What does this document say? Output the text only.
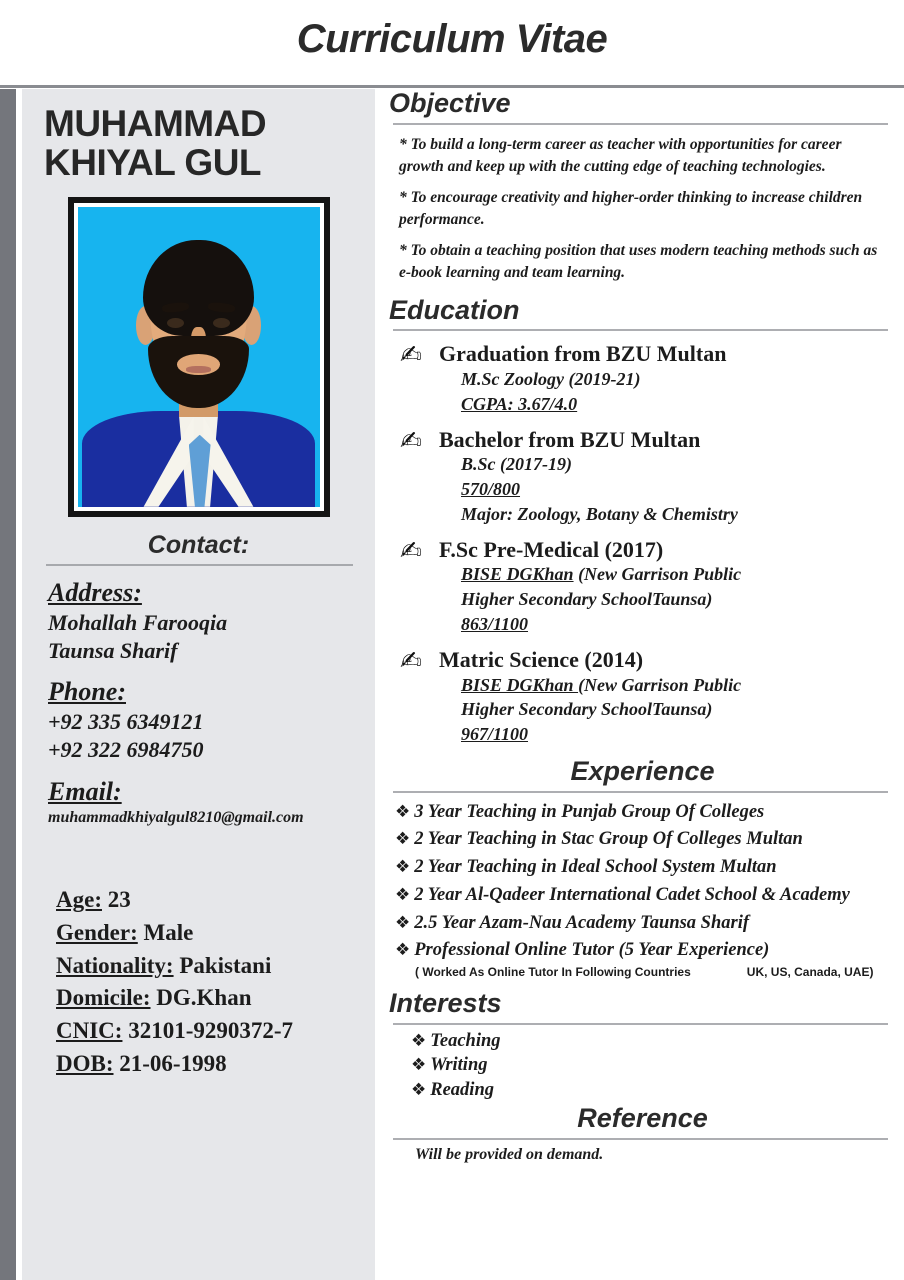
Curriculum Vitae
MUHAMMAD
KHIYAL GUL
Contact:
Address:
Mohallah Farooqia
Taunsa Sharif
Phone:
+92 335 6349121
+92 322 6984750
Email:
muhammadkhiyalgul8210@gmail.com
Age: 23
Gender: Male
Nationality: Pakistani
Domicile: DG.Khan
CNIC: 32101-9290372-7
DOB: 21-06-1998
Objective
* To build a long-term career as teacher with opportunities for career growth and keep up with the cutting edge of teaching technologies.
* To encourage creativity and higher-order thinking to increase children performance.
* To obtain a teaching position that uses modern teaching methods such as e-book learning and team learning.
Education
✍ Graduation from BZU Multan
M.Sc Zoology (2019-21)
CGPA: 3.67/4.0
✍ Bachelor from BZU Multan
B.Sc (2017-19)
570/800
Major: Zoology, Botany & Chemistry
✍ F.Sc Pre-Medical (2017)
BISE DGKhan (New Garrison Public
Higher Secondary SchoolTaunsa)
863/1100
✍ Matric Science (2014)
BISE DGKhan (New Garrison Public
Higher Secondary SchoolTaunsa)
967/1100
Experience
❖ 3 Year Teaching in Punjab Group Of Colleges
❖ 2 Year Teaching in Stac Group Of Colleges Multan
❖ 2 Year Teaching in Ideal School System Multan
❖ 2 Year Al-Qadeer International Cadet School & Academy
❖ 2.5 Year Azam-Nau Academy Taunsa Sharif
❖ Professional Online Tutor (5 Year Experience)
( Worked As Online Tutor In Following Countries	UK, US, Canada, UAE)
Interests
❖ Teaching
❖ Writing
❖ Reading
Reference
Will be provided on demand.
